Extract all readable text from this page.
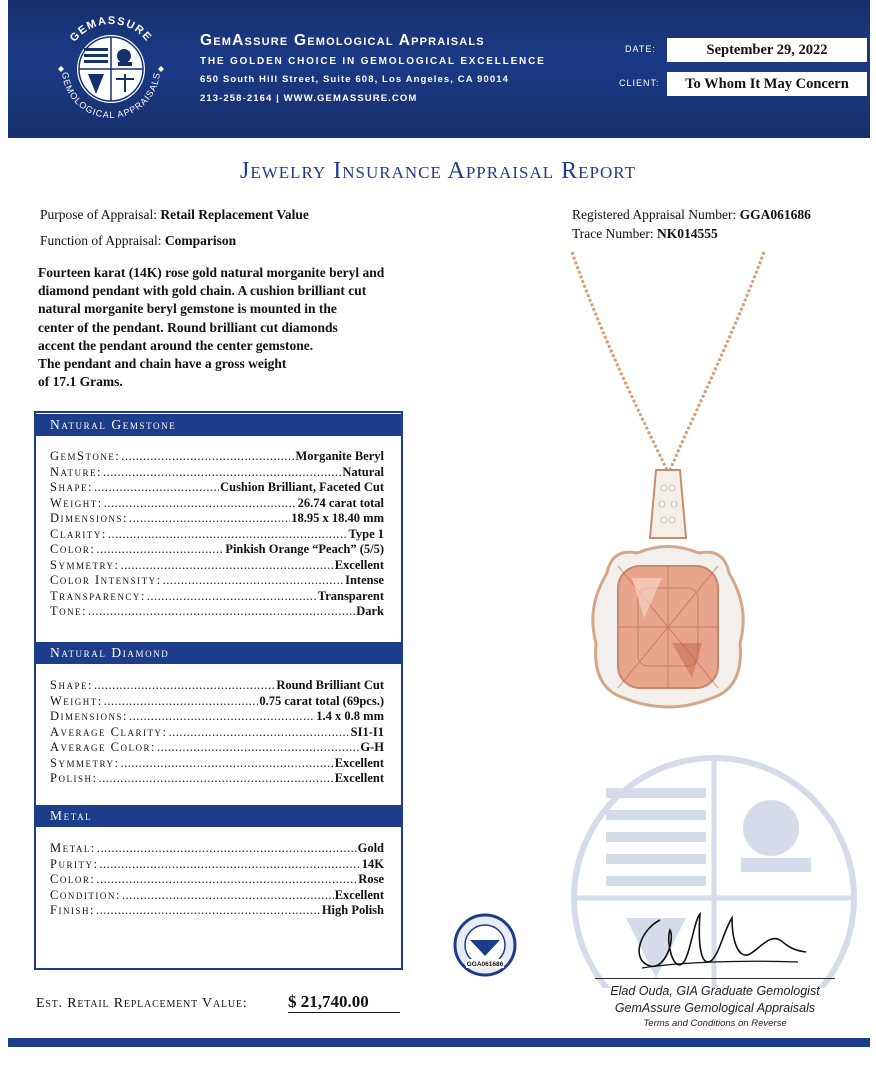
GEMASSURE
GEMOLOGICAL APPRAISALS
GemAssure Gemological Appraisals
THE GOLDEN CHOICE IN GEMOLOGICAL EXCELLENCE
650 South Hill Street, Suite 608, Los Angeles, CA 90014
213-258-2164 | WWW.GEMASSURE.COM
DATE:	September 29, 2022
CLIENT:	To Whom It May Concern
Jewelry Insurance Appraisal Report
Purpose of Appraisal: Retail Replacement Value
Function of Appraisal: Comparison
Registered Appraisal Number: GGA061686
Trace Number: NK014555
Fourteen karat (14K) rose gold natural morganite beryl and
diamond pendant with gold chain. A cushion brilliant cut
natural morganite beryl gemstone is mounted in the
center of the pendant. Round brilliant cut diamonds
accent the pendant around the center gemstone.
The pendant and chain have a gross weight
of 17.1 Grams.
Natural Gemstone
GemStone: .....	Morganite Beryl
Nature: .....	Natural
Shape: .....	Cushion Brilliant, Faceted Cut
Weight: .....	26.74 carat total
Dimensions: .....	18.95 x 18.40 mm
Clarity: .....	Type 1
Color: .....	Pinkish Orange “Peach” (5/5)
Symmetry: .....	Excellent
Color Intensity: .....	Intense
Transparency: .....	Transparent
Tone: .....	Dark
Natural Diamond
Shape: .....	Round Brilliant Cut
Weight: .....	0.75 carat total (69pcs.)
Dimensions: .....	1.4 x 0.8 mm
Average Clarity: .....	SI1-I1
Average Color: .....	G-H
Symmetry: .....	Excellent
Polish: .....	Excellent
Metal
Metal: .....	Gold
Purity: .....	14K
Color: .....	Rose
Condition: .....	Excellent
Finish: .....	High Polish
GGA061686
Elad Ouda, GIA Graduate Gemologist
GemAssure Gemological Appraisals
Terms and Conditions on Reverse
Est. Retail Replacement Value: $ 21,740.00
